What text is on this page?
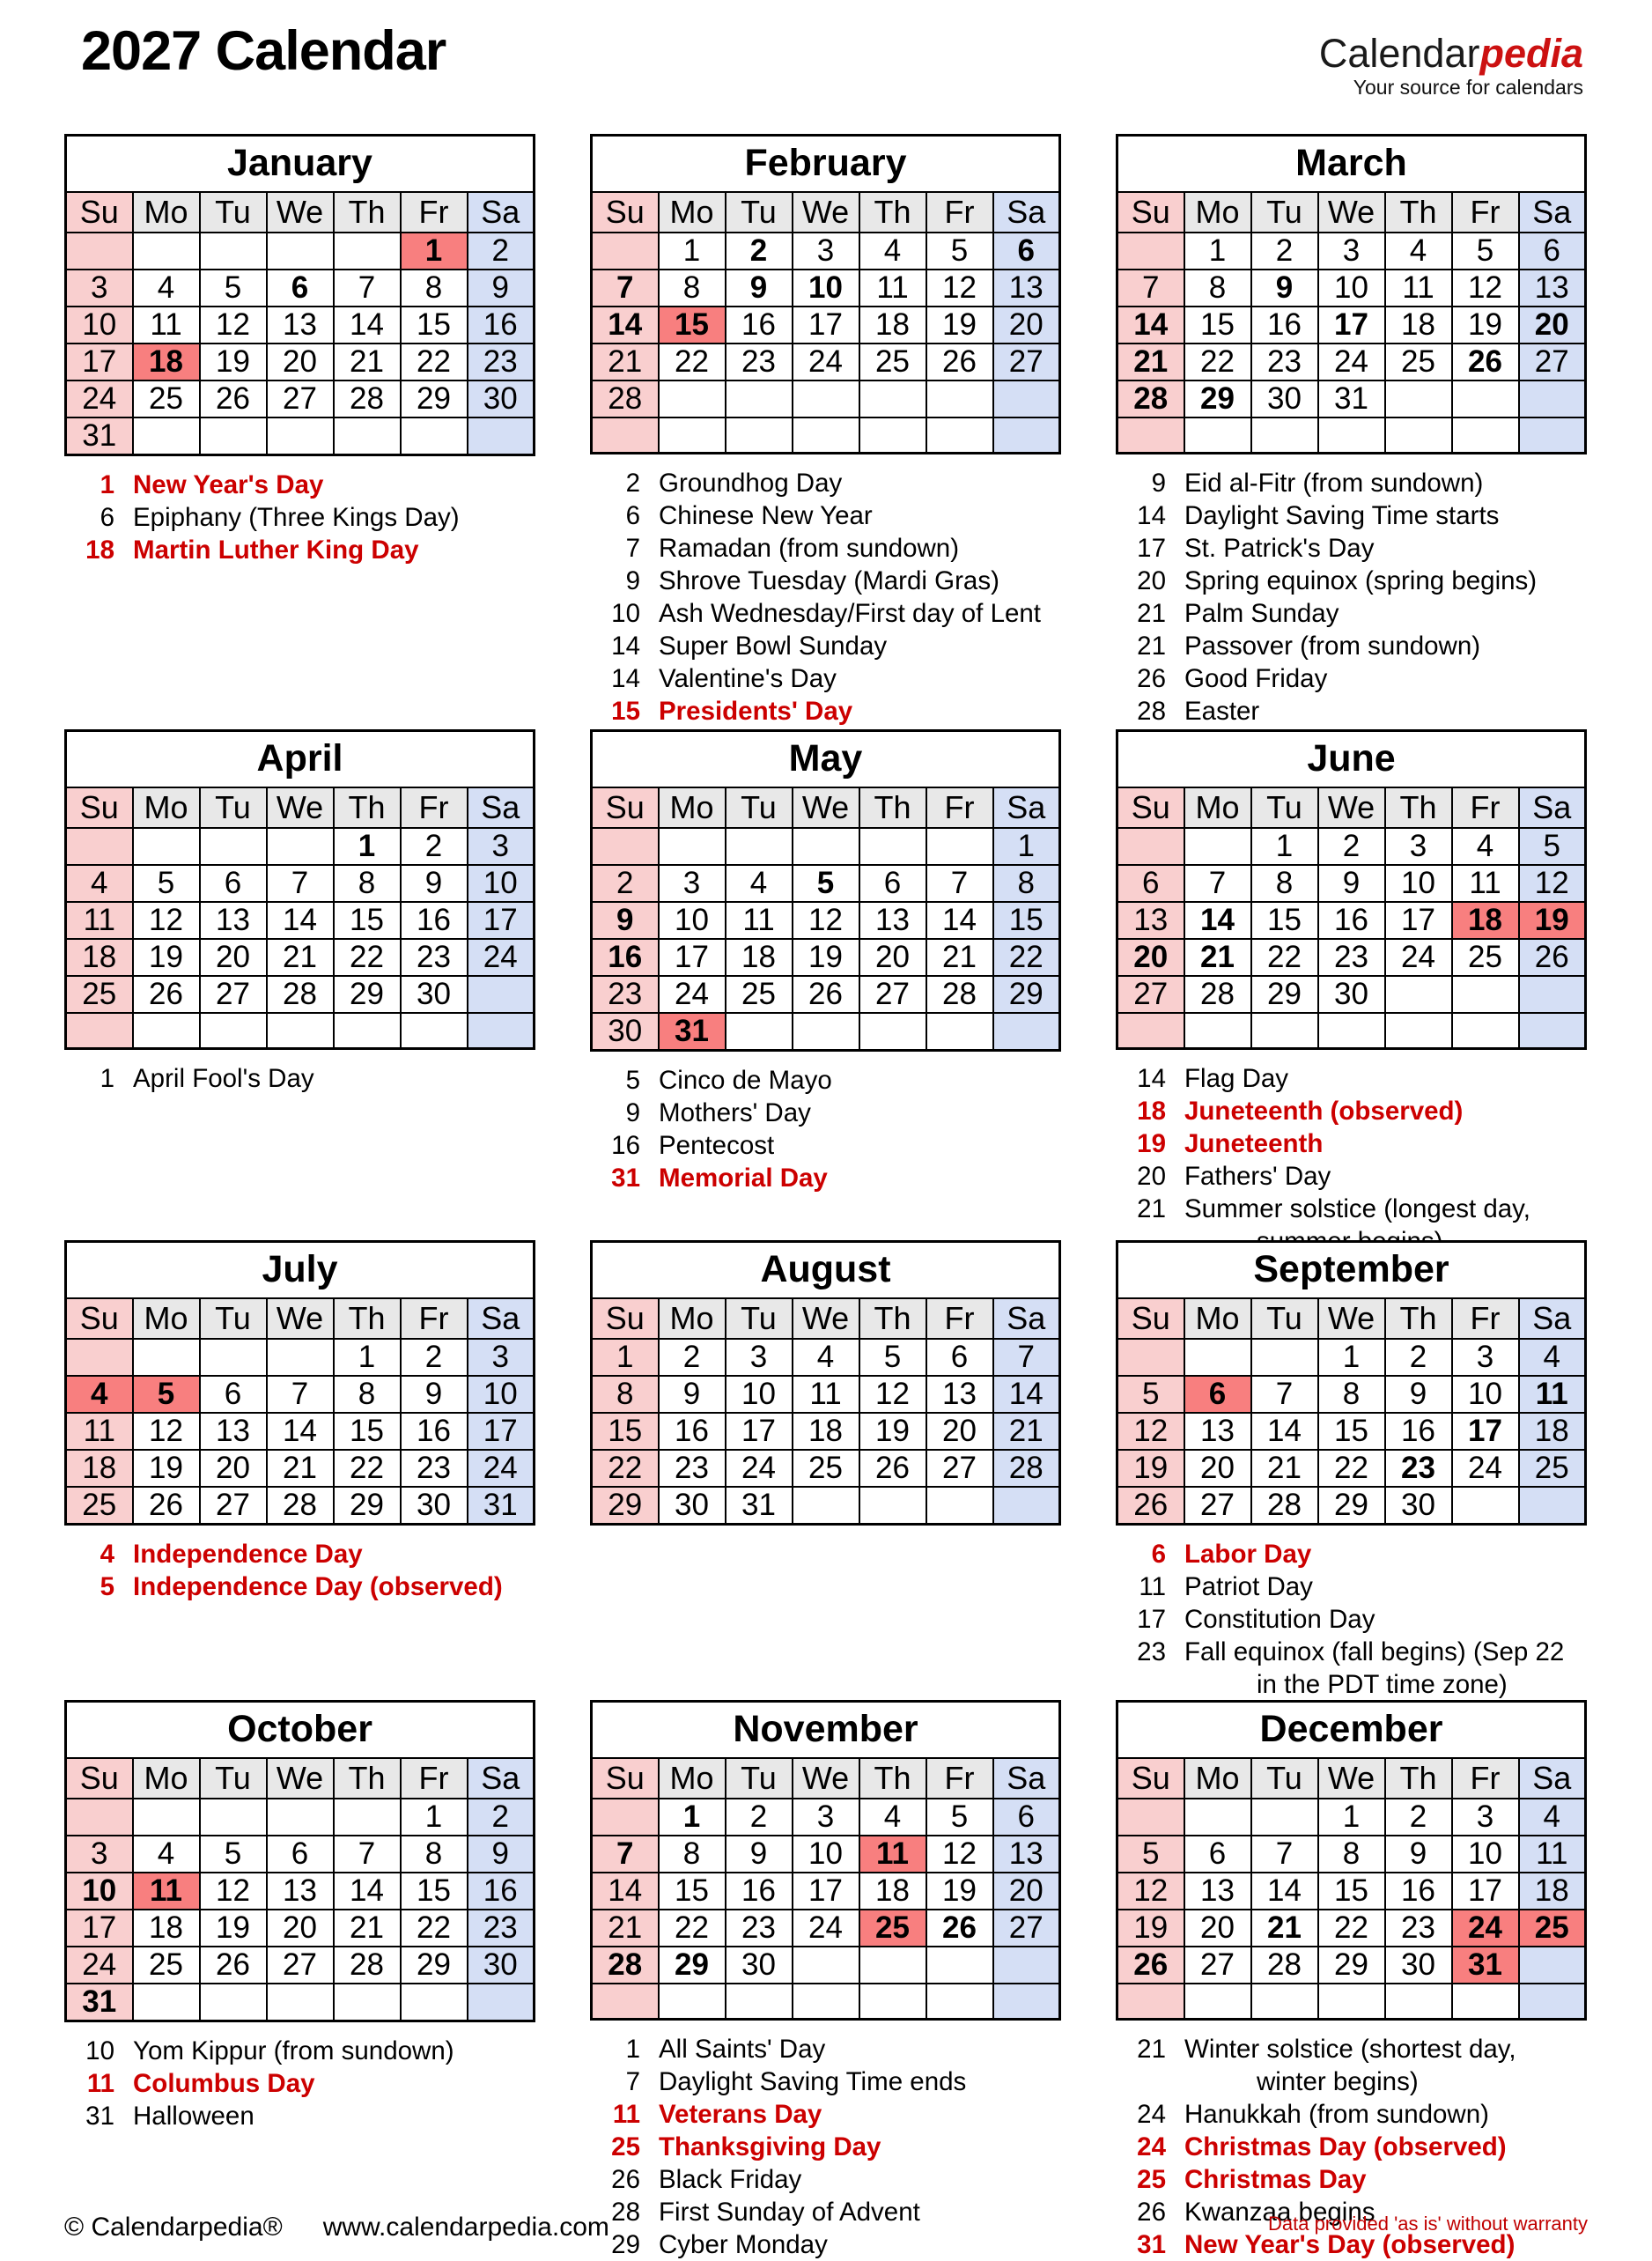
2027 Calendar	Calendarpedia
Your source for calendars
January						
Su	Mo	Tu	We	Th	Fr	Sa
					1	2
3	4	5	6	7	8	9
10	11	12	13	14	15	16
17	18	19	20	21	22	23
24	25	26	27	28	29	30
31						
1 New Year's Day
6 Epiphany (Three Kings Day)
18 Martin Luther King Day
February						
Su	Mo	Tu	We	Th	Fr	Sa
	1	2	3	4	5	6
7	8	9	10	11	12	13
14	15	16	17	18	19	20
21	22	23	24	25	26	27
28						

2 Groundhog Day
6 Chinese New Year
7 Ramadan (from sundown)
9 Shrove Tuesday (Mardi Gras)
10 Ash Wednesday/First day of Lent
14 Super Bowl Sunday
14 Valentine's Day
15 Presidents' Day
March						
Su	Mo	Tu	We	Th	Fr	Sa
	1	2	3	4	5	6
7	8	9	10	11	12	13
14	15	16	17	18	19	20
21	22	23	24	25	26	27
28	29	30	31			

9 Eid al-Fitr (from sundown)
14 Daylight Saving Time starts
17 St. Patrick's Day
20 Spring equinox (spring begins)
21 Palm Sunday
21 Passover (from sundown)
26 Good Friday
28 Easter
April						
Su	Mo	Tu	We	Th	Fr	Sa
				1	2	3
4	5	6	7	8	9	10
11	12	13	14	15	16	17
18	19	20	21	22	23	24
25	26	27	28	29	30	

1 April Fool's Day
May						
Su	Mo	Tu	We	Th	Fr	Sa
						1
2	3	4	5	6	7	8
9	10	11	12	13	14	15
16	17	18	19	20	21	22
23	24	25	26	27	28	29
30	31					
5 Cinco de Mayo
9 Mothers' Day
16 Pentecost
31 Memorial Day
June						
Su	Mo	Tu	We	Th	Fr	Sa
		1	2	3	4	5
6	7	8	9	10	11	12
13	14	15	16	17	18	19
20	21	22	23	24	25	26
27	28	29	30			

14 Flag Day
18 Juneteenth (observed)
19 Juneteenth
20 Fathers' Day
21 Summer solstice (longest day,
July						
Su	Mo	Tu	We	Th	Fr	Sa
				1	2	3
4	5	6	7	8	9	10
11	12	13	14	15	16	17
18	19	20	21	22	23	24
25	26	27	28	29	30	31
4 Independence Day
5 Independence Day (observed)
August						
Su	Mo	Tu	We	Th	Fr	Sa
1	2	3	4	5	6	7
8	9	10	11	12	13	14
15	16	17	18	19	20	21
22	23	24	25	26	27	28
29	30	31				
September						
Su	Mo	Tu	We	Th	Fr	Sa
			1	2	3	4
5	6	7	8	9	10	11
12	13	14	15	16	17	18
19	20	21	22	23	24	25
26	27	28	29	30		
6 Labor Day
11 Patriot Day
17 Constitution Day
23 Fall equinox (fall begins) (Sep 22
in the PDT time zone)
October						
Su	Mo	Tu	We	Th	Fr	Sa
					1	2
3	4	5	6	7	8	9
10	11	12	13	14	15	16
17	18	19	20	21	22	23
24	25	26	27	28	29	30
31						
10 Yom Kippur (from sundown)
11 Columbus Day
31 Halloween
November						
Su	Mo	Tu	We	Th	Fr	Sa
	1	2	3	4	5	6
7	8	9	10	11	12	13
14	15	16	17	18	19	20
21	22	23	24	25	26	27
28	29	30				

1 All Saints' Day
7 Daylight Saving Time ends
11 Veterans Day
25 Thanksgiving Day
26 Black Friday
28 First Sunday of Advent
29 Cyber Monday
December						
Su	Mo	Tu	We	Th	Fr	Sa
			1	2	3	4
5	6	7	8	9	10	11
12	13	14	15	16	17	18
19	20	21	22	23	24	25
26	27	28	29	30	31	

21 Winter solstice (shortest day,
winter begins)
24 Hanukkah (from sundown)
24 Christmas Day (observed)
25 Christmas Day
26 Kwanzaa begins
31 New Year's Day (observed)
© Calendarpedia® www.calendarpedia.com	Data provided 'as is' without warranty
